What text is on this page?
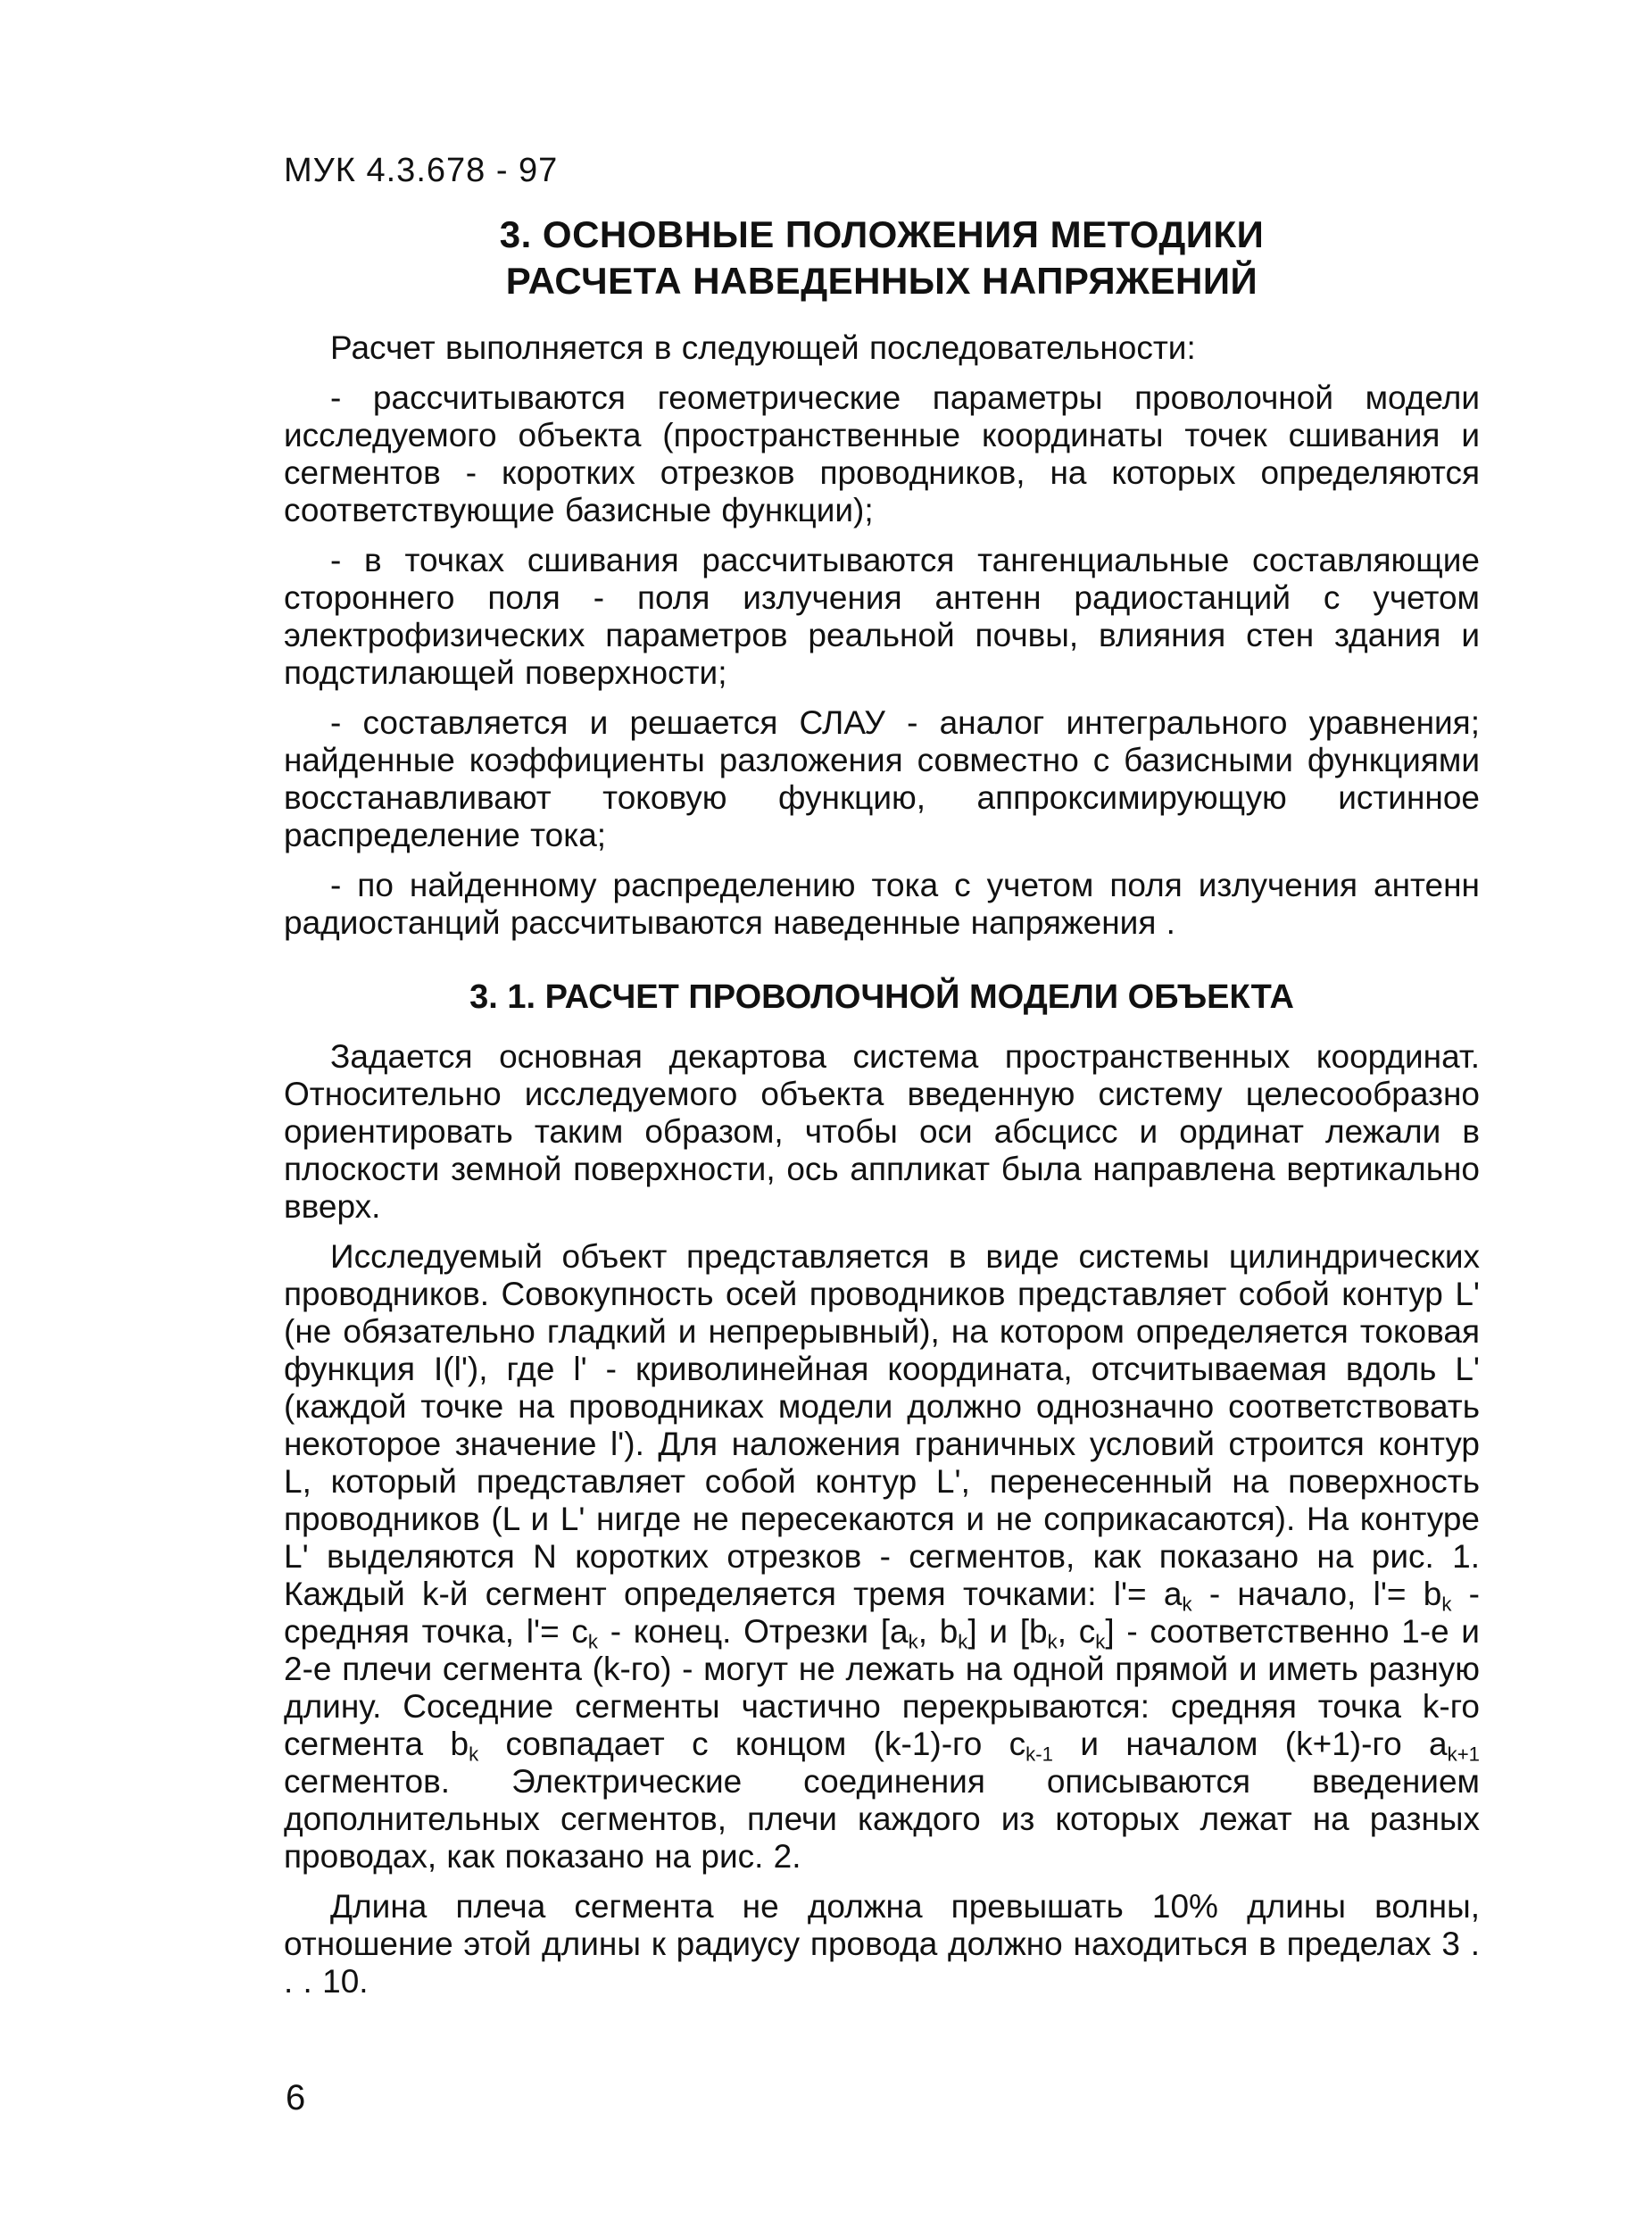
МУК 4.3.678 - 97
3. ОСНОВНЫЕ ПОЛОЖЕНИЯ МЕТОДИКИ
РАСЧЕТА НАВЕДЕННЫХ НАПРЯЖЕНИЙ

Расчет выполняется в следующей последовательности:

- рассчитываются геометрические параметры проволочной модели исследуемого объекта (пространственные координаты точек сшивания и сегментов - коротких отрезков проводников, на которых определяются соответствующие базисные функции);

- в точках сшивания рассчитываются тангенциальные составляющие стороннего поля - поля излучения антенн радиостанций с учетом электрофизических параметров реальной почвы, влияния стен здания и подстилающей поверхности;

- составляется и решается СЛАУ - аналог интегрального уравнения; найденные коэффициенты разложения совместно с базисными функциями восстанавливают токовую функцию, аппроксимирующую истинное распределение тока;

- по найденному распределению тока с учетом поля излучения антенн радиостанций рассчитываются наведенные напряжения .

3. 1. РАСЧЕТ ПРОВОЛОЧНОЙ МОДЕЛИ ОБЪЕКТА

Задается основная декартова система пространственных координат. Относительно исследуемого объекта введенную систему целесообразно ориентировать таким образом, чтобы оси абсцисс и ординат лежали в плоскости земной поверхности, ось аппликат была направлена вертикально вверх.

Исследуемый объект представляется в виде системы цилиндрических проводников. Совокупность осей проводников представляет собой контур L' (не обязательно гладкий и непрерывный), на котором определяется токовая функция I(l'), где l' - криволинейная координата, отсчитываемая вдоль L' (каждой точке на проводниках модели должно однозначно соответствовать некоторое значение l'). Для наложения граничных условий строится контур L, который представляет собой контур L', перенесенный на поверхность проводников (L и L' нигде не пересекаются и не соприкасаются). На контуре L' выделяются N коротких отрезков - сегментов, как показано на рис. 1. Каждый k-й сегмент определяется тремя точками: $l'= a_k$ - начало, $l'= b_k$ - средняя точка, $l'= c_k$ - конец. Отрезки [$a_k$, $b_k$] и [$b_k$, $c_k$] - соответственно 1-е и 2-е плечи сегмента (k-го) - могут не лежать на одной прямой и иметь разную длину. Соседние сегменты частично перекрываются: средняя точка k-го сегмента $b_k$ совпадает с концом (k-1)-го $c_{k-1}$ и началом (k+1)-го $a_{k+1}$ сегментов. Электрические соединения описываются введением дополнительных сегментов, плечи каждого из которых лежат на разных проводах, как показано на рис. 2.

Длина плеча сегмента не должна превышать 10% длины волны, отношение этой длины к радиусу провода должно находиться в пределах 3 . . . 10.

6
